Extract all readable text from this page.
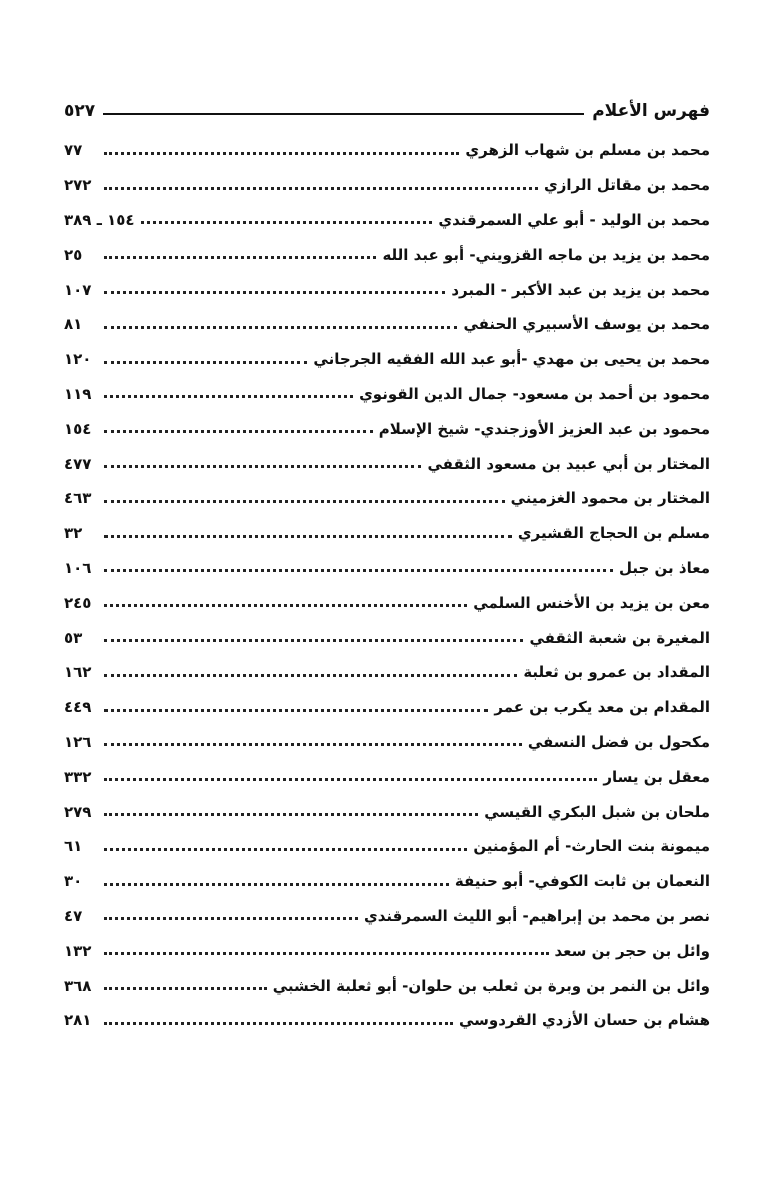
فهرس الأعلام
٥٢٧
محمد بن مسلم بن شهاب الزهري
٧٧
محمد بن مقاتل الرازي
٢٧٢
محمد بن الوليد - أبو علي السمرقندي
١٥٤ ـ ٣٨٩
محمد بن يزيد بن ماجه القزويني- أبو عبد الله
٢٥
محمد بن يزيد بن عبد الأكبر - المبرد
١٠٧
محمد بن يوسف الأسبيري الحنفي
٨١
محمد بن يحيى بن مهدي -أبو عبد الله الفقيه الجرجاني
١٢٠
محمود بن أحمد بن مسعود- جمال الدين القونوي
١١٩
محمود بن عبد العزيز الأوزجندي- شيخ الإسلام
١٥٤
المختار بن أبي عبيد بن مسعود الثقفي
٤٧٧
المختار بن محمود الغزميني
٤٦٣
مسلم بن الحجاج القشيري
٣٢
معاذ بن جبل
١٠٦
معن بن يزيد بن الأخنس السلمي
٢٤٥
المغيرة بن شعبة الثقفي
٥٣
المقداد بن عمرو بن ثعلبة
١٦٢
المقدام بن معد يكرب بن عمر
٤٤٩
مكحول بن فضل النسفي
١٢٦
معقل بن يسار
٣٣٢
ملحان بن شبل البكري القيسي
٢٧٩
ميمونة بنت الحارث- أم المؤمنين
٦١
النعمان بن ثابت الكوفي- أبو حنيفة
٣٠
نصر بن محمد بن إبراهيم- أبو الليث السمرقندي
٤٧
وائل بن حجر بن سعد
١٣٢
وائل بن النمر بن وبرة بن ثعلب بن حلوان- أبو ثعلبة الخشبي
٣٦٨
هشام بن حسان الأزدي القردوسي
٢٨١
